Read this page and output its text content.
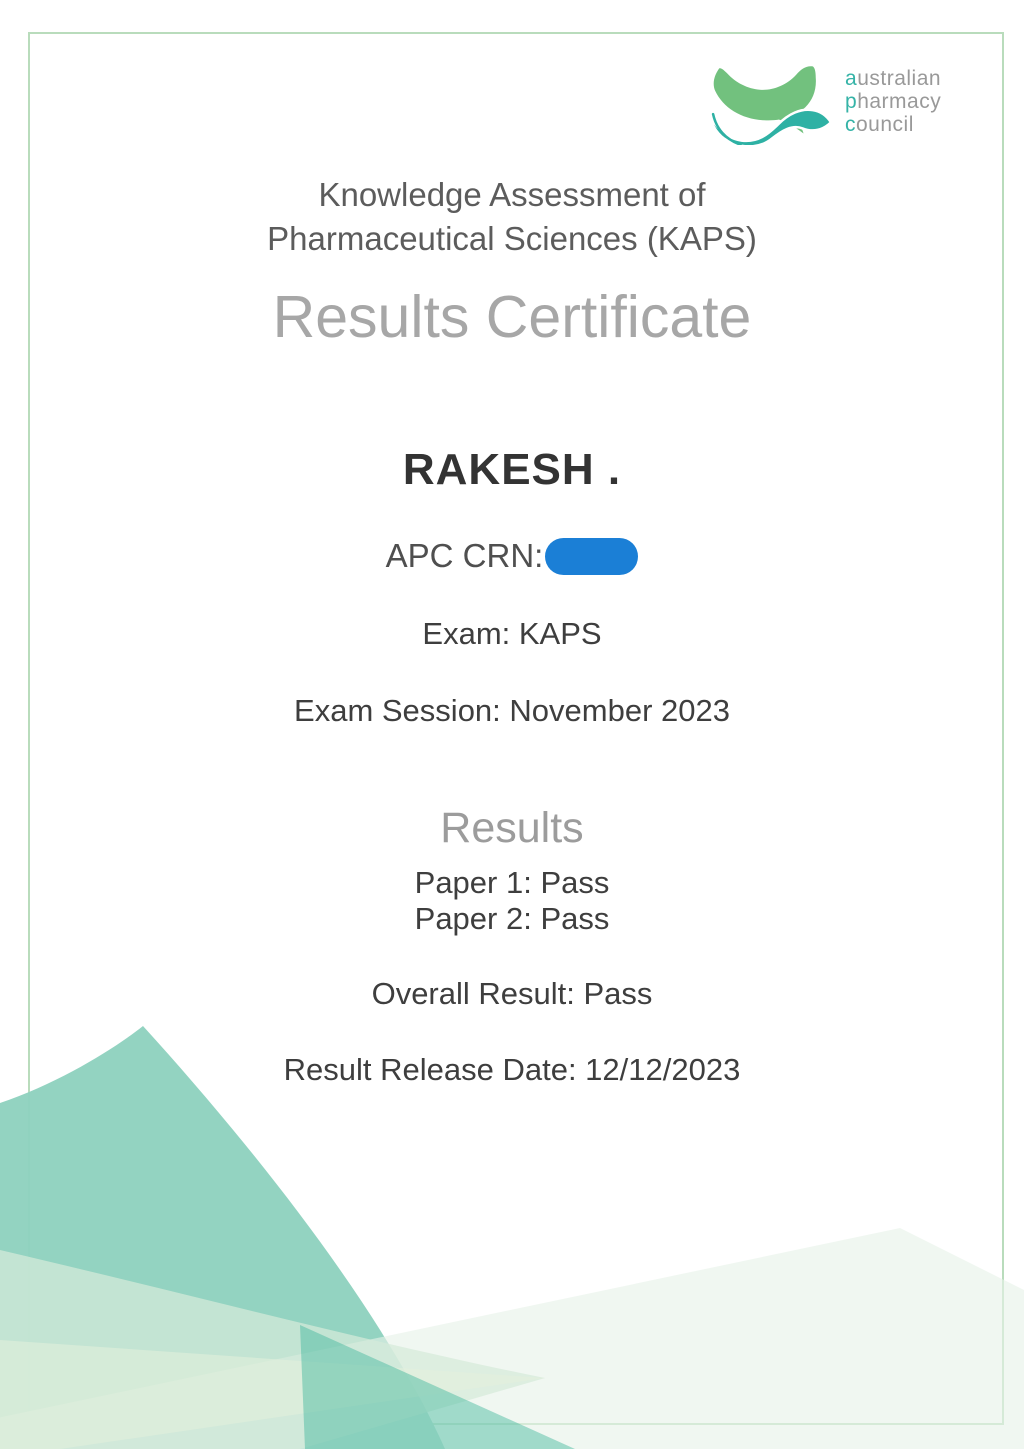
australian
pharmacy
council
Knowledge Assessment of
Pharmaceutical Sciences (KAPS)
Results Certificate
RAKESH .
APC CRN:
Exam: KAPS
Exam Session: November 2023
Results
Paper 1: Pass
Paper 2: Pass
Overall Result: Pass
Result Release Date: 12/12/2023
